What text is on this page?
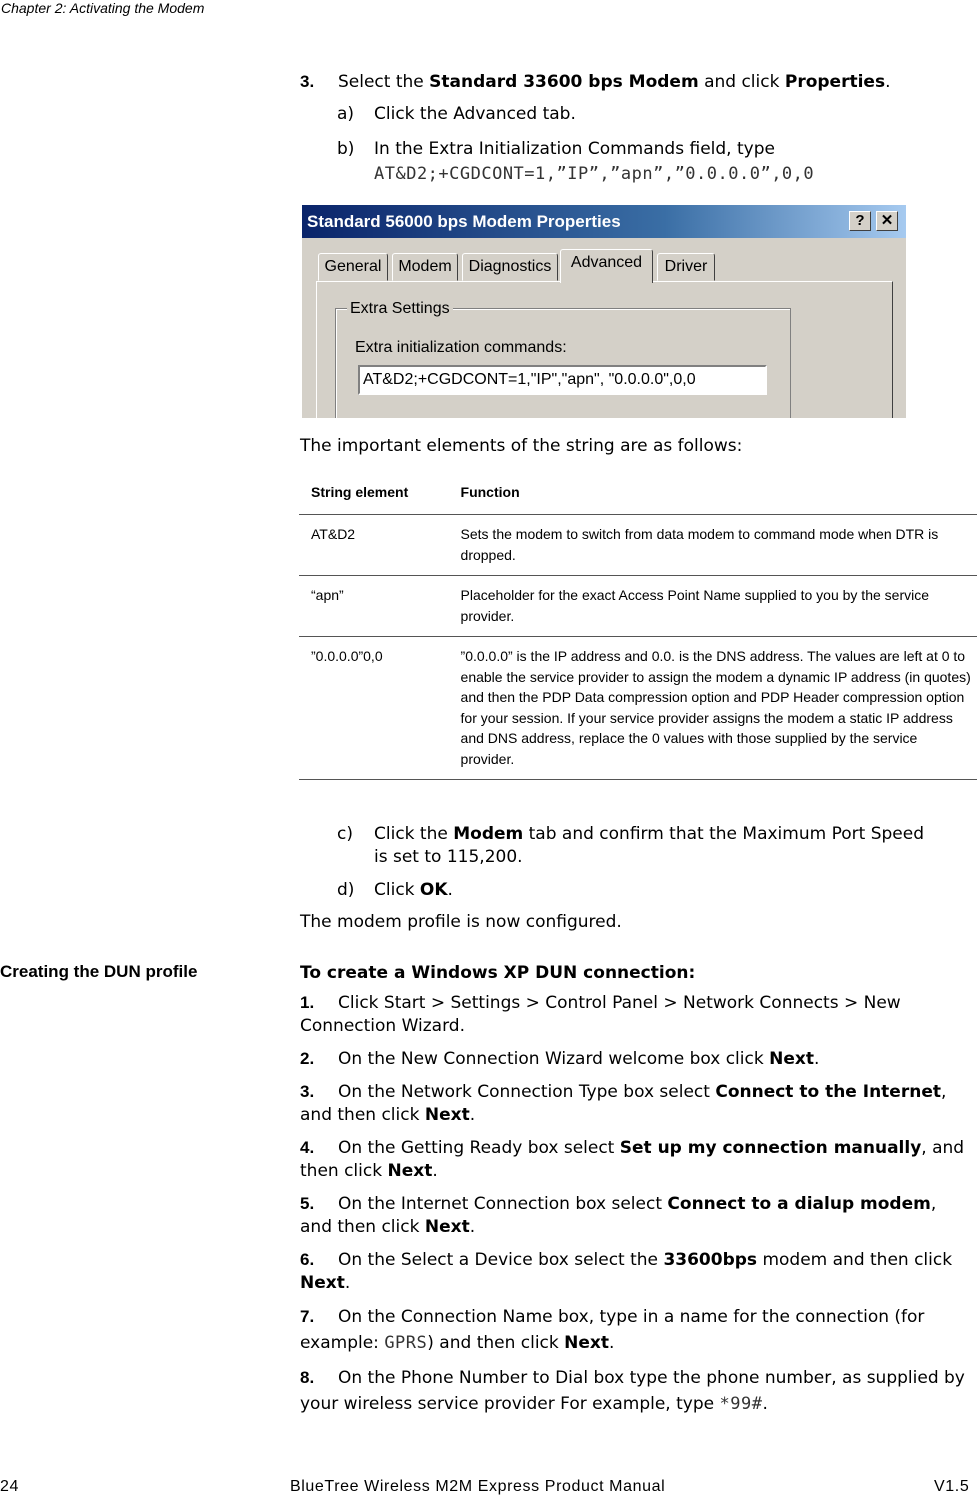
Chapter 2: Activating the Modem
3. Select the Standard 33600 bps Modem and click Properties.
a) Click the Advanced tab.
b) In the Extra Initialization Commands field, type
AT&D2;+CGDCONT=1,”IP”,”apn”,”0.0.0.0”,0,0
Standard 56000 bps Modem Properties	?	✕
General	Modem	Diagnostics	Advanced	Driver
Extra Settings
Extra initialization commands:
AT&D2;+CGDCONT=1,"IP","apn", "0.0.0.0",0,0
The important elements of the string are as follows:
String element	Function
AT&D2	Sets the modem to switch from data modem to command mode when DTR is dropped.
“apn”	Placeholder for the exact Access Point Name supplied to you by the service provider.
”0.0.0.0”0,0	”0.0.0.0” is the IP address and 0.0. is the DNS address. The values are left at 0 to enable the service provider to assign the modem a dynamic IP address (in quotes) and then the PDP Data compression option and PDP Header compression option for your session. If your service provider assigns the modem a static IP address and DNS address, replace the 0 values with those supplied by the service provider.
c)	Click the Modem tab and confirm that the Maximum Port Speed is set to 115,200.
d) Click OK.
The modem profile is now configured.
Creating the DUN profile	To create a Windows XP DUN connection:
1. Click Start > Settings > Control Panel > Network Connects > New Connection Wizard.
2. On the New Connection Wizard welcome box click Next.
3. On the Network Connection Type box select Connect to the Internet, and then click Next.
4. On the Getting Ready box select Set up my connection manually, and then click Next.
5. On the Internet Connection box select Connect to a dialup modem, and then click Next.
6. On the Select a Device box select the 33600bps modem and then click Next.
7. On the Connection Name box, type in a name for the connection (for example: GPRS) and then click Next.
8. On the Phone Number to Dial box type the phone number, as supplied by your wireless service provider For example, type *99#.
24	BlueTree Wireless M2M Express Product Manual	V1.5
